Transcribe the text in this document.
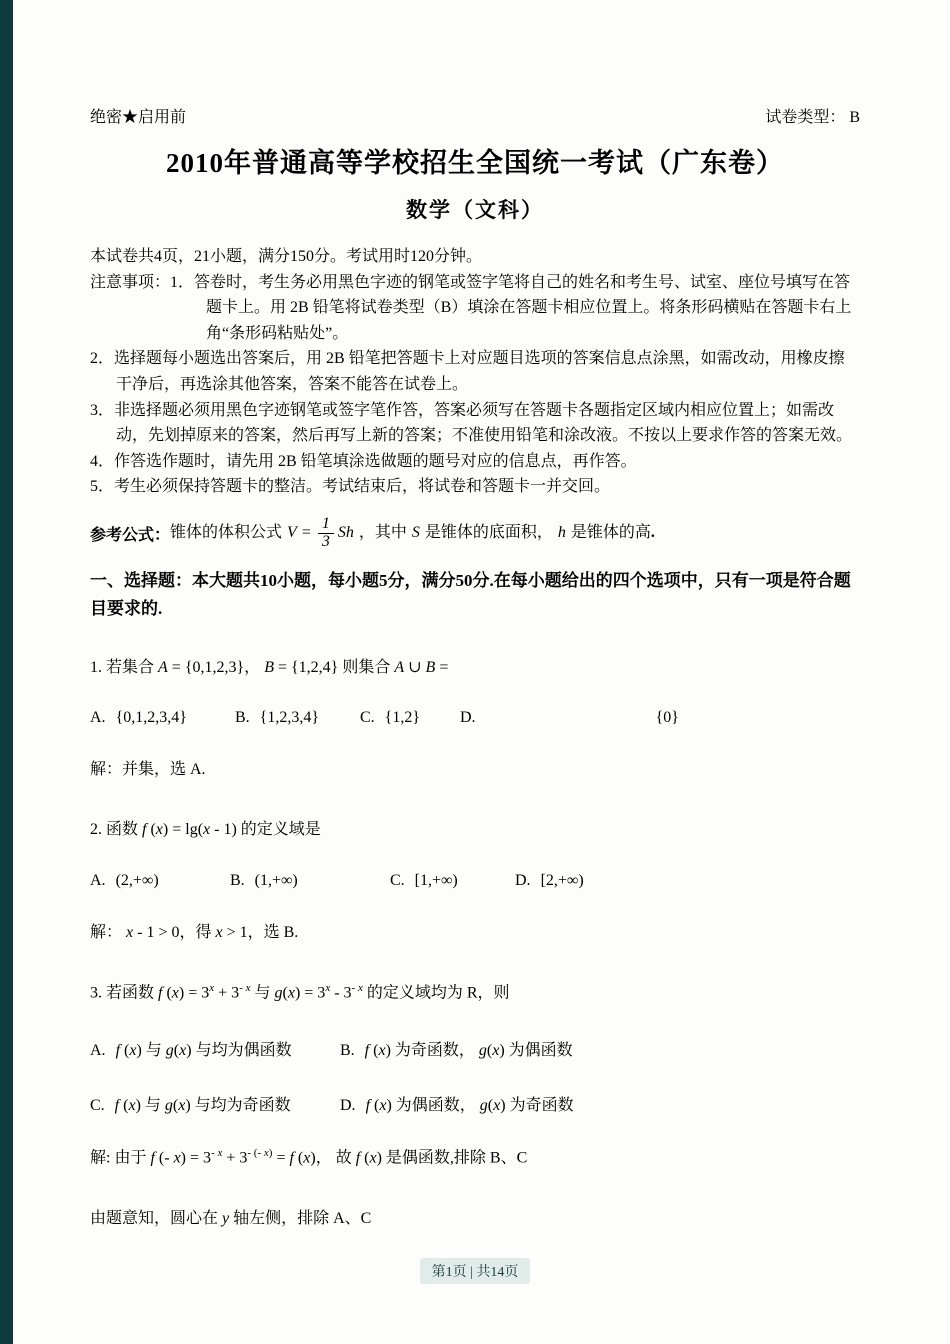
绝密★启用前	试卷类型： B
2010年普通高等学校招生全国统一考试（广东卷）
数学（文科）

本试卷共4页，21小题，满分150分。考试用时120分钟。

注意事项：1．答卷时，考生务必用黑色字迹的钢笔或签字笔将自己的姓名和考生号、试室、座位号填写在答题卡上。用 2B 铅笔将试卷类型（B）填涂在答题卡相应位置上。将条形码横贴在答题卡右上角“条形码粘贴处”。

2．选择题每小题选出答案后，用 2B 铅笔把答题卡上对应题目选项的答案信息点涂黑，如需改动，用橡皮擦干净后，再选涂其他答案，答案不能答在试卷上。

3．非选择题必须用黑色字迹钢笔或签字笔作答，答案必须写在答题卡各题指定区域内相应位置上；如需改动，先划掉原来的答案，然后再写上新的答案；不准使用铅笔和涂改液。不按以上要求作答的答案无效。

4．作答选作题时，请先用 2B 铅笔填涂选做题的题号对应的信息点，再作答。

5．考生必须保持答题卡的整洁。考试结束后，将试卷和答题卡一并交回。

参考公式： 锥体的体积公式 $V = \frac{1}{3}$ Sh ，其中 S 是锥体的底面积， h 是锥体的高.

一、选择题：本大题共10小题，每小题5分，满分50分.在每小题给出的四个选项中，只有一项是符合题目要求的.

1. 若集合 A = {0,1,2,3}， B = {1,2,4} 则集合 A ∪ B =

A. {0,1,2,3,4}	B. {1,2,3,4}	C. {1,2} D.	{0}

解：并集，选 A.

2. 函数 f (x) = lg(x - 1) 的定义域是

A. (2,+∞)	B. (1,+∞)	C. [1,+∞)	D. [2,+∞)

解： x - 1 > 0，得 x > 1，选 B.

3. 若函数 f $(x) = 3^x + 3^{- x}$ 与 $g(x) = 3^x - 3^{- x}$ 的定义域均为 R，则

A. f (x) 与 g(x) 与均为偶函数	B. f (x) 为奇函数， g(x) 为偶函数
C. f (x) 与 g(x) 与均为奇函数	D. f (x) 为偶函数， g(x) 为奇函数

解: 由于 f (- $x) = 3^{- x} + 3^{- (- x)} = f$ (x)， 故 f (x) 是偶函数,排除 B、C

由题意知，圆心在 y 轴左侧，排除 A、C

第1页 | 共14页
